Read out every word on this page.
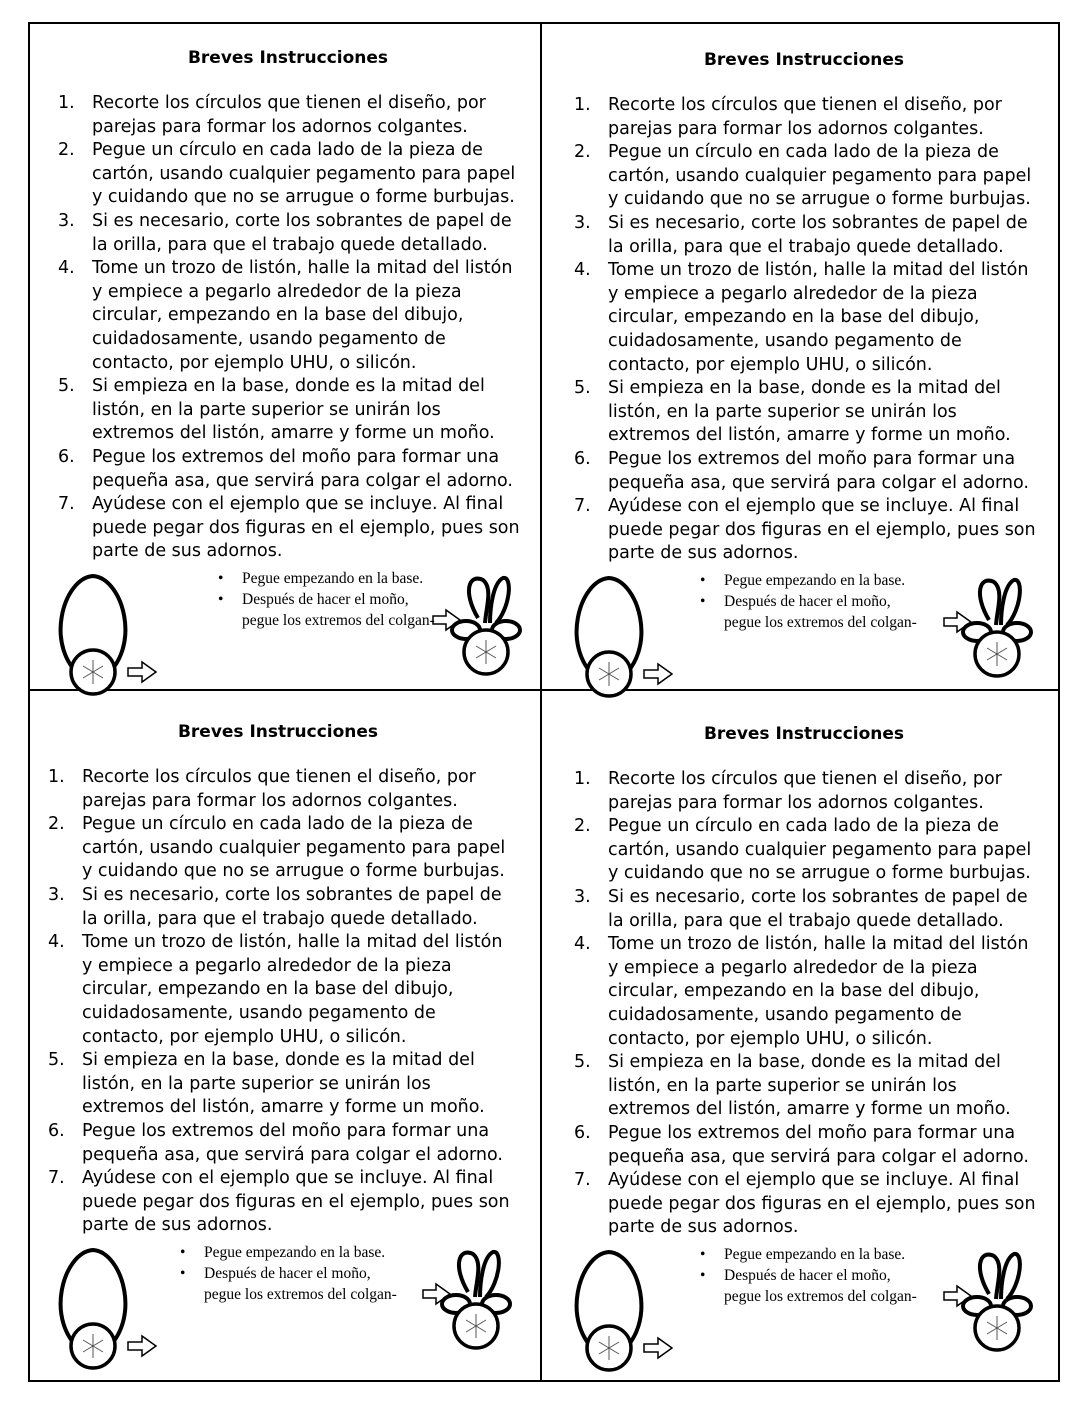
Breves Instrucciones
1. Recorte los círculos que tienen el diseño, por parejas para formar los adornos colgantes.
2. Pegue un círculo en cada lado de la pieza de cartón, usando cualquier pegamento para papel y cuidando que no se arrugue o forme burbujas.
3. Si es necesario, corte los sobrantes de papel de la orilla, para que el trabajo quede detallado.
4. Tome un trozo de listón, halle la mitad del listón y empiece a pegarlo alrededor de la pieza circular, empezando en la base del dibujo, cuidadosamente, usando pegamento de contacto, por ejemplo UHU, o silicón.
5. Si empieza en la base, donde es la mitad del listón, en la parte superior se unirán los extremos del listón, amarre y forme un moño.
6. Pegue los extremos del moño para formar una pequeña asa, que servirá para colgar el adorno.
7. Ayúdese con el ejemplo que se incluye. Al final puede pegar dos figuras en el ejemplo, pues son parte de sus adornos.
• Pegue empezando en la base.
• Después de hacer el moño,
pegue los extremos del colgan-
Breves Instrucciones
1. Recorte los círculos que tienen el diseño, por parejas para formar los adornos colgantes.
2. Pegue un círculo en cada lado de la pieza de cartón, usando cualquier pegamento para papel y cuidando que no se arrugue o forme burbujas.
3. Si es necesario, corte los sobrantes de papel de la orilla, para que el trabajo quede detallado.
4. Tome un trozo de listón, halle la mitad del listón y empiece a pegarlo alrededor de la pieza circular, empezando en la base del dibujo, cuidadosamente, usando pegamento de contacto, por ejemplo UHU, o silicón.
5. Si empieza en la base, donde es la mitad del listón, en la parte superior se unirán los extremos del listón, amarre y forme un moño.
6. Pegue los extremos del moño para formar una pequeña asa, que servirá para colgar el adorno.
7. Ayúdese con el ejemplo que se incluye. Al final puede pegar dos figuras en el ejemplo, pues son parte de sus adornos.
• Pegue empezando en la base.
• Después de hacer el moño,
pegue los extremos del colgan-
Breves Instrucciones
1. Recorte los círculos que tienen el diseño, por parejas para formar los adornos colgantes.
2. Pegue un círculo en cada lado de la pieza de cartón, usando cualquier pegamento para papel y cuidando que no se arrugue o forme burbujas.
3. Si es necesario, corte los sobrantes de papel de la orilla, para que el trabajo quede detallado.
4. Tome un trozo de listón, halle la mitad del listón y empiece a pegarlo alrededor de la pieza circular, empezando en la base del dibujo, cuidadosamente, usando pegamento de contacto, por ejemplo UHU, o silicón.
5. Si empieza en la base, donde es la mitad del listón, en la parte superior se unirán los extremos del listón, amarre y forme un moño.
6. Pegue los extremos del moño para formar una pequeña asa, que servirá para colgar el adorno.
7. Ayúdese con el ejemplo que se incluye. Al final puede pegar dos figuras en el ejemplo, pues son parte de sus adornos.
• Pegue empezando en la base.
• Después de hacer el moño,
pegue los extremos del colgan-
Breves Instrucciones
1. Recorte los círculos que tienen el diseño, por parejas para formar los adornos colgantes.
2. Pegue un círculo en cada lado de la pieza de cartón, usando cualquier pegamento para papel y cuidando que no se arrugue o forme burbujas.
3. Si es necesario, corte los sobrantes de papel de la orilla, para que el trabajo quede detallado.
4. Tome un trozo de listón, halle la mitad del listón y empiece a pegarlo alrededor de la pieza circular, empezando en la base del dibujo, cuidadosamente, usando pegamento de contacto, por ejemplo UHU, o silicón.
5. Si empieza en la base, donde es la mitad del listón, en la parte superior se unirán los extremos del listón, amarre y forme un moño.
6. Pegue los extremos del moño para formar una pequeña asa, que servirá para colgar el adorno.
7. Ayúdese con el ejemplo que se incluye. Al final puede pegar dos figuras en el ejemplo, pues son parte de sus adornos.
• Pegue empezando en la base.
• Después de hacer el moño,
pegue los extremos del colgan-
